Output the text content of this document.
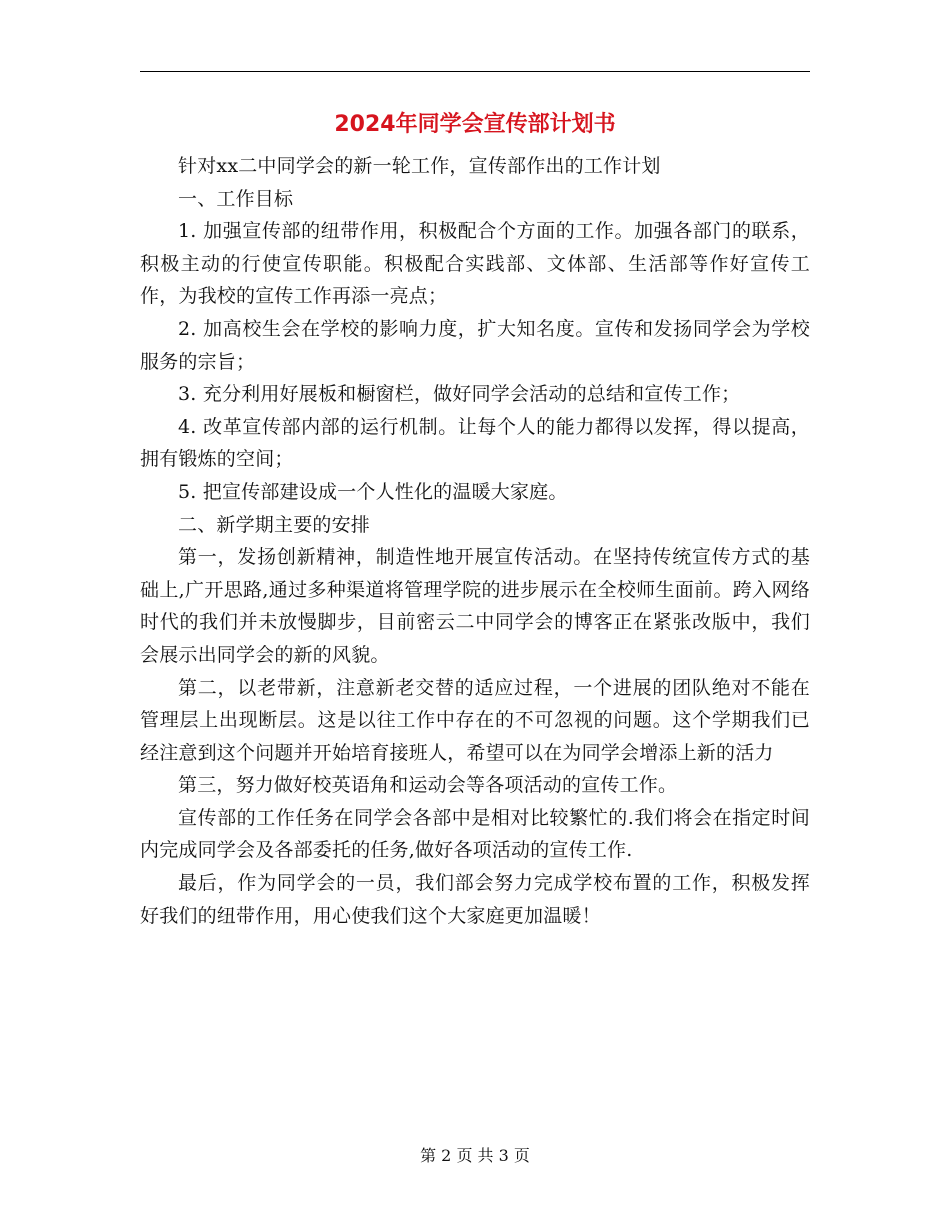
2024年同学会宣传部计划书

针对xx二中同学会的新一轮工作，宣传部作出的工作计划

一、工作目标

1. 加强宣传部的纽带作用，积极配合个方面的工作。加强各部门的联系，积极主动的行使宣传职能。积极配合实践部、文体部、生活部等作好宣传工作，为我校的宣传工作再添一亮点；

2. 加高校生会在学校的影响力度，扩大知名度。宣传和发扬同学会为学校服务的宗旨；

3. 充分利用好展板和橱窗栏，做好同学会活动的总结和宣传工作；

4. 改革宣传部内部的运行机制。让每个人的能力都得以发挥，得以提高，拥有锻炼的空间；

5. 把宣传部建设成一个人性化的温暖大家庭。

二、新学期主要的安排

第一，发扬创新精神，制造性地开展宣传活动。在坚持传统宣传方式的基础上,广开思路,通过多种渠道将管理学院的进步展示在全校师生面前。跨入网络时代的我们并未放慢脚步，目前密云二中同学会的博客正在紧张改版中，我们会展示出同学会的新的风貌。

第二，以老带新，注意新老交替的适应过程，一个进展的团队绝对不能在管理层上出现断层。这是以往工作中存在的不可忽视的问题。这个学期我们已经注意到这个问题并开始培育接班人，希望可以在为同学会增添上新的活力

第三，努力做好校英语角和运动会等各项活动的宣传工作。

宣传部的工作任务在同学会各部中是相对比较繁忙的.我们将会在指定时间内完成同学会及各部委托的任务,做好各项活动的宣传工作.

最后，作为同学会的一员，我们部会努力完成学校布置的工作，积极发挥好我们的纽带作用，用心使我们这个大家庭更加温暖！

第 2 页 共 3 页
